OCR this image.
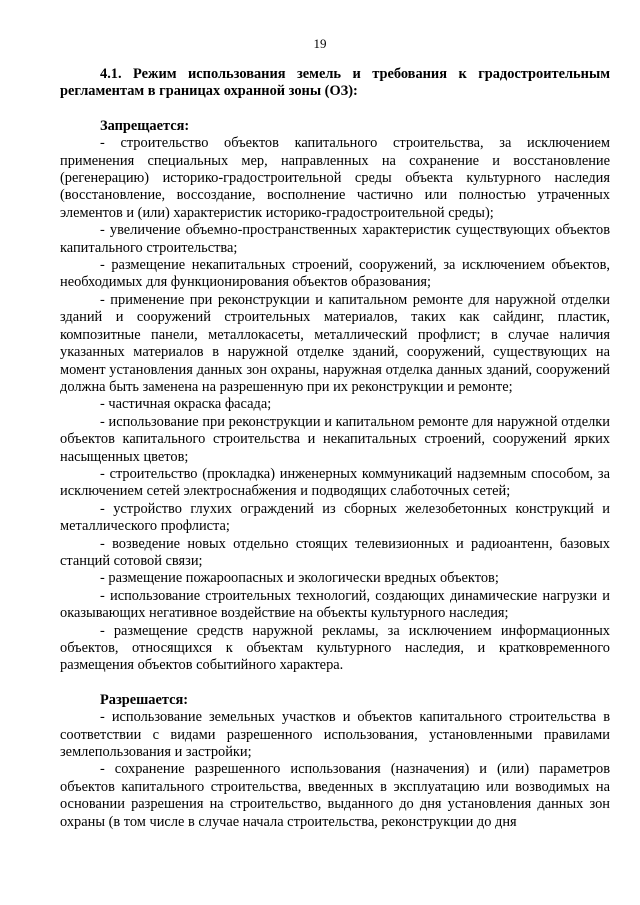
19

4.1. Режим использования земель и требования к градостроительным регламентам в границах охранной зоны (ОЗ):

Запрещается:

- строительство объектов капитального строительства, за исключением применения специальных мер, направленных на сохранение и восстановление (регенерацию) историко-градостроительной среды объекта культурного наследия (восстановление, воссоздание, восполнение частично или полностью утраченных элементов и (или) характеристик историко-градостроительной среды);

- увеличение объемно-пространственных характеристик существующих объектов капитального строительства;

- размещение некапитальных строений, сооружений, за исключением объектов, необходимых для функционирования объектов образования;

- применение при реконструкции и капитальном ремонте для наружной отделки зданий и сооружений строительных материалов, таких как сайдинг, пластик, композитные панели, металлокасеты, металлический профлист; в случае наличия указанных материалов в наружной отделке зданий, сооружений, существующих на момент установления данных зон охраны, наружная отделка данных зданий, сооружений должна быть заменена на разрешенную при их реконструкции и ремонте;

- частичная окраска фасада;

- использование при реконструкции и капитальном ремонте для наружной отделки объектов капитального строительства и некапитальных строений, сооружений ярких насыщенных цветов;

- строительство (прокладка) инженерных коммуникаций надземным способом, за исключением сетей электроснабжения и подводящих слаботочных сетей;

- устройство глухих ограждений из сборных железобетонных конструкций и металлического профлиста;

- возведение новых отдельно стоящих телевизионных и радиоантенн, базовых станций сотовой связи;

- размещение пожароопасных и экологически вредных объектов;

- использование строительных технологий, создающих динамические нагрузки и оказывающих негативное воздействие на объекты культурного наследия;

- размещение средств наружной рекламы, за исключением информационных объектов, относящихся к объектам культурного наследия, и кратковременного размещения объектов событийного характера.

Разрешается:

- использование земельных участков и объектов капитального строительства в соответствии с видами разрешенного использования, установленными правилами землепользования и застройки;

- сохранение разрешенного использования (назначения) и (или) параметров объектов капитального строительства, введенных в эксплуатацию или возводимых на основании разрешения на строительство, выданного до дня установления данных зон охраны (в том числе в случае начала строительства, реконструкции до дня
